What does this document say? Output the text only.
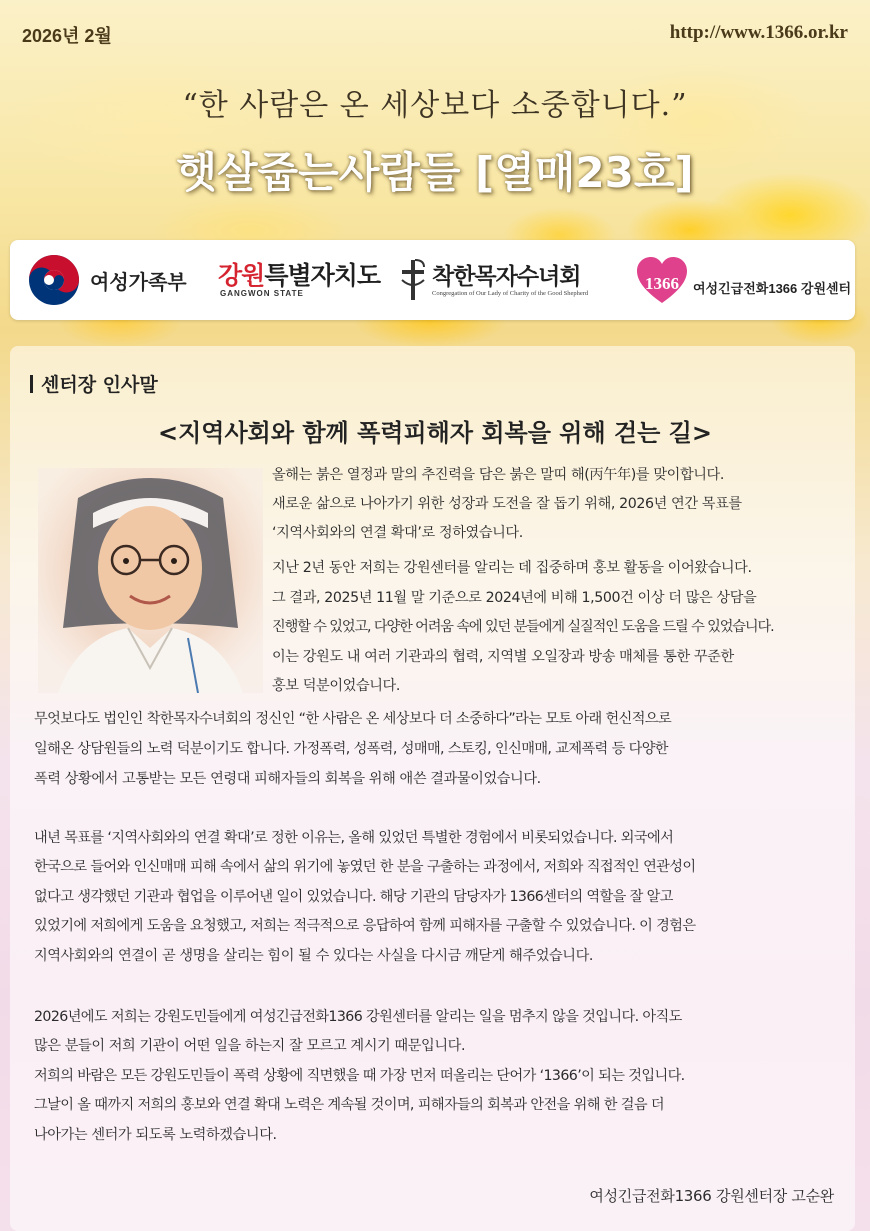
2026년 2월	http://www.1366.or.kr
“한 사람은 온 세상보다 소중합니다.”
햇살줍는사람들 [열매23호]
여성가족부 강원특별자치도
GANGWON STATE
착한목자수녀회
Congregation of Our Lady of Charity of the Good Shepherd	1366 여성긴급전화1366 강원센터
센터장 인사말
<지역사회와 함께 폭력피해자 회복을 위해 걷는 길>
올해는 붉은 열정과 말의 추진력을 담은 붉은 말띠 해(丙午年)를 맞이합니다.
새로운 삶으로 나아가기 위한 성장과 도전을 잘 돕기 위해, 2026년 연간 목표를
‘지역사회와의 연결 확대’로 정하였습니다.
지난 2년 동안 저희는 강원센터를 알리는 데 집중하며 홍보 활동을 이어왔습니다.
그 결과, 2025년 11월 말 기준으로 2024년에 비해 1,500건 이상 더 많은 상담을
진행할 수 있었고, 다양한 어려움 속에 있던 분들에게 실질적인 도움을 드릴 수 있었습니다.
이는 강원도 내 여러 기관과의 협력, 지역별 오일장과 방송 매체를 통한 꾸준한
홍보 덕분이었습니다.
무엇보다도 법인인 착한목자수녀회의 정신인 “한 사람은 온 세상보다 더 소중하다”라는 모토 아래 헌신적으로
일해온 상담원들의 노력 덕분이기도 합니다. 가정폭력, 성폭력, 성매매, 스토킹, 인신매매, 교제폭력 등 다양한
폭력 상황에서 고통받는 모든 연령대 피해자들의 회복을 위해 애쓴 결과물이었습니다.
내년 목표를 ‘지역사회와의 연결 확대’로 정한 이유는, 올해 있었던 특별한 경험에서 비롯되었습니다. 외국에서
한국으로 들어와 인신매매 피해 속에서 삶의 위기에 놓였던 한 분을 구출하는 과정에서, 저희와 직접적인 연관성이
없다고 생각했던 기관과 협업을 이루어낸 일이 있었습니다. 해당 기관의 담당자가 1366센터의 역할을 잘 알고
있었기에 저희에게 도움을 요청했고, 저희는 적극적으로 응답하여 함께 피해자를 구출할 수 있었습니다. 이 경험은
지역사회와의 연결이 곧 생명을 살리는 힘이 될 수 있다는 사실을 다시금 깨닫게 해주었습니다.
2026년에도 저희는 강원도민들에게 여성긴급전화1366 강원센터를 알리는 일을 멈추지 않을 것입니다. 아직도
많은 분들이 저희 기관이 어떤 일을 하는지 잘 모르고 계시기 때문입니다.
저희의 바람은 모든 강원도민들이 폭력 상황에 직면했을 때 가장 먼저 떠올리는 단어가 ‘1366’이 되는 것입니다.
그날이 올 때까지 저희의 홍보와 연결 확대 노력은 계속될 것이며, 피해자들의 회복과 안전을 위해 한 걸음 더
나아가는 센터가 되도록 노력하겠습니다.
여성긴급전화1366 강원센터장 고순완
